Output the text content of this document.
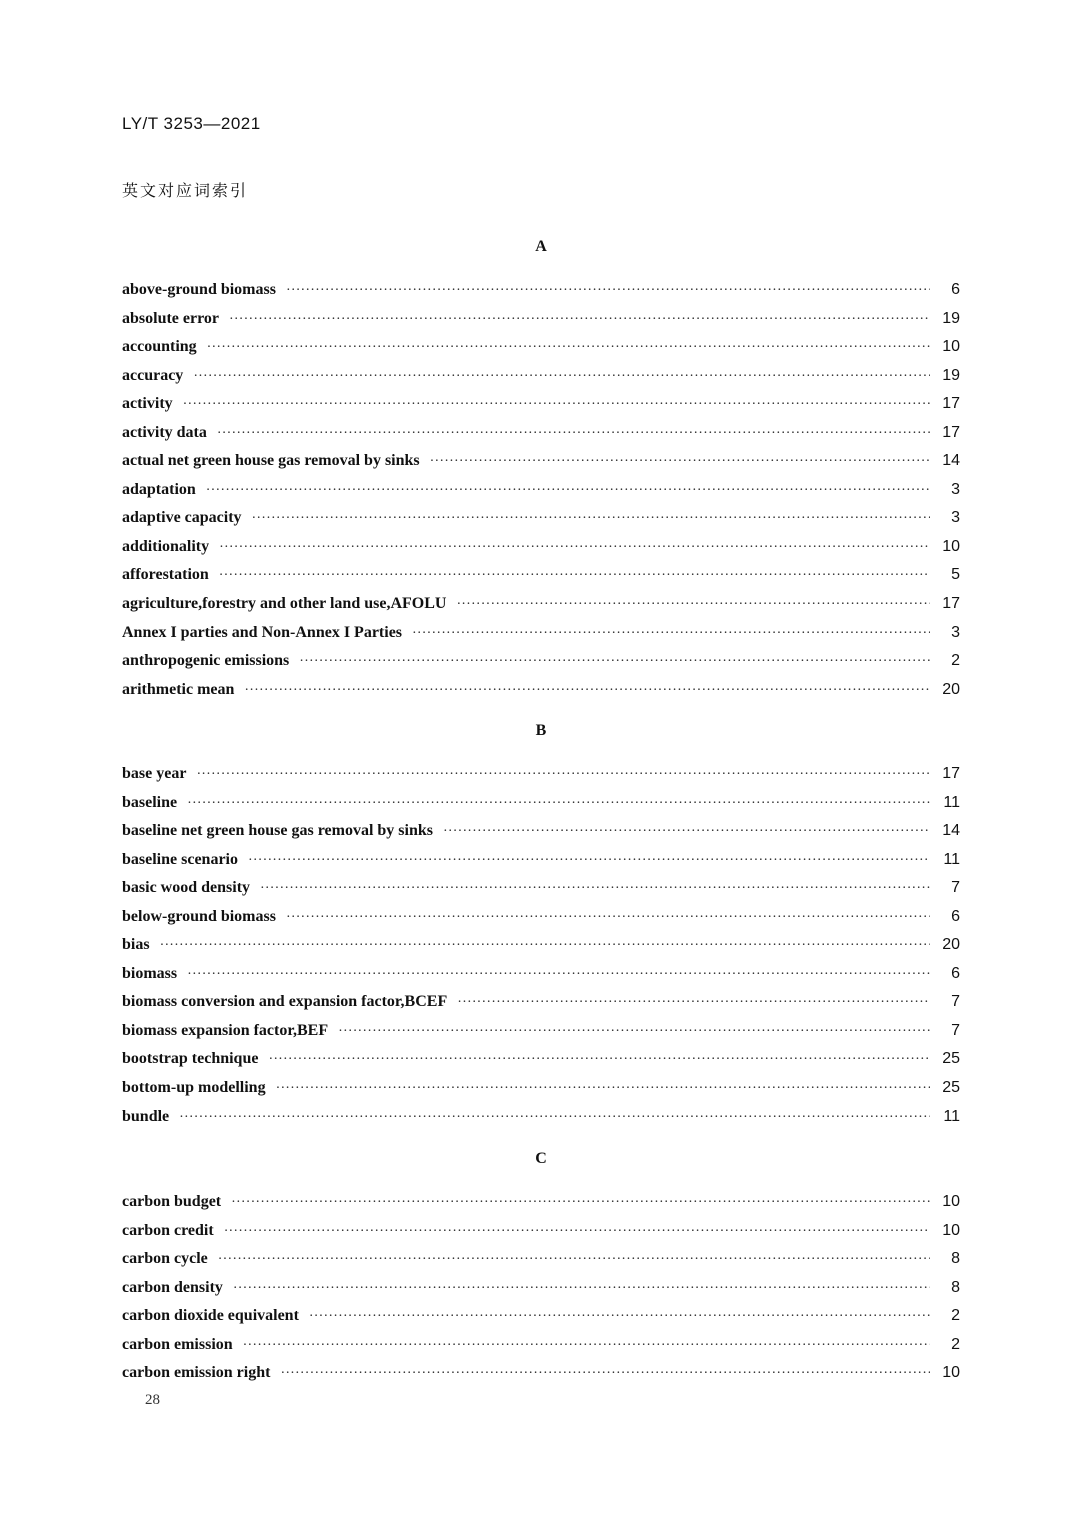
LY/T 3253—2021
英文对应词索引
A
above-ground biomass ·····	6
absolute error ·····	19
accounting ·····	10
accuracy ·····	19
activity ·····	17
activity data ·····	17
actual net green house gas removal by sinks ·····	14
adaptation ·····	3
adaptive capacity ·····	3
additionality ·····	10
afforestation ·····	5
agriculture,forestry and other land use,AFOLU ·····	17
Annex I parties and Non-Annex I Parties ·····	3
anthropogenic emissions ·····	2
arithmetic mean ·····	20
B
base year ·····	17
baseline ·····	11
baseline net green house gas removal by sinks ·····	14
baseline scenario ·····	11
basic wood density ·····	7
below-ground biomass ·····	6
bias ·····	20
biomass ·····	6
biomass conversion and expansion factor,BCEF ·····	7
biomass expansion factor,BEF ·····	7
bootstrap technique ·····	25
bottom-up modelling ·····	25
bundle ·····	11
C
carbon budget ·····	10
carbon credit ·····	10
carbon cycle ·····	8
carbon density ·····	8
carbon dioxide equivalent ·····	2
carbon emission ·····	2
carbon emission right ·····	10
28
